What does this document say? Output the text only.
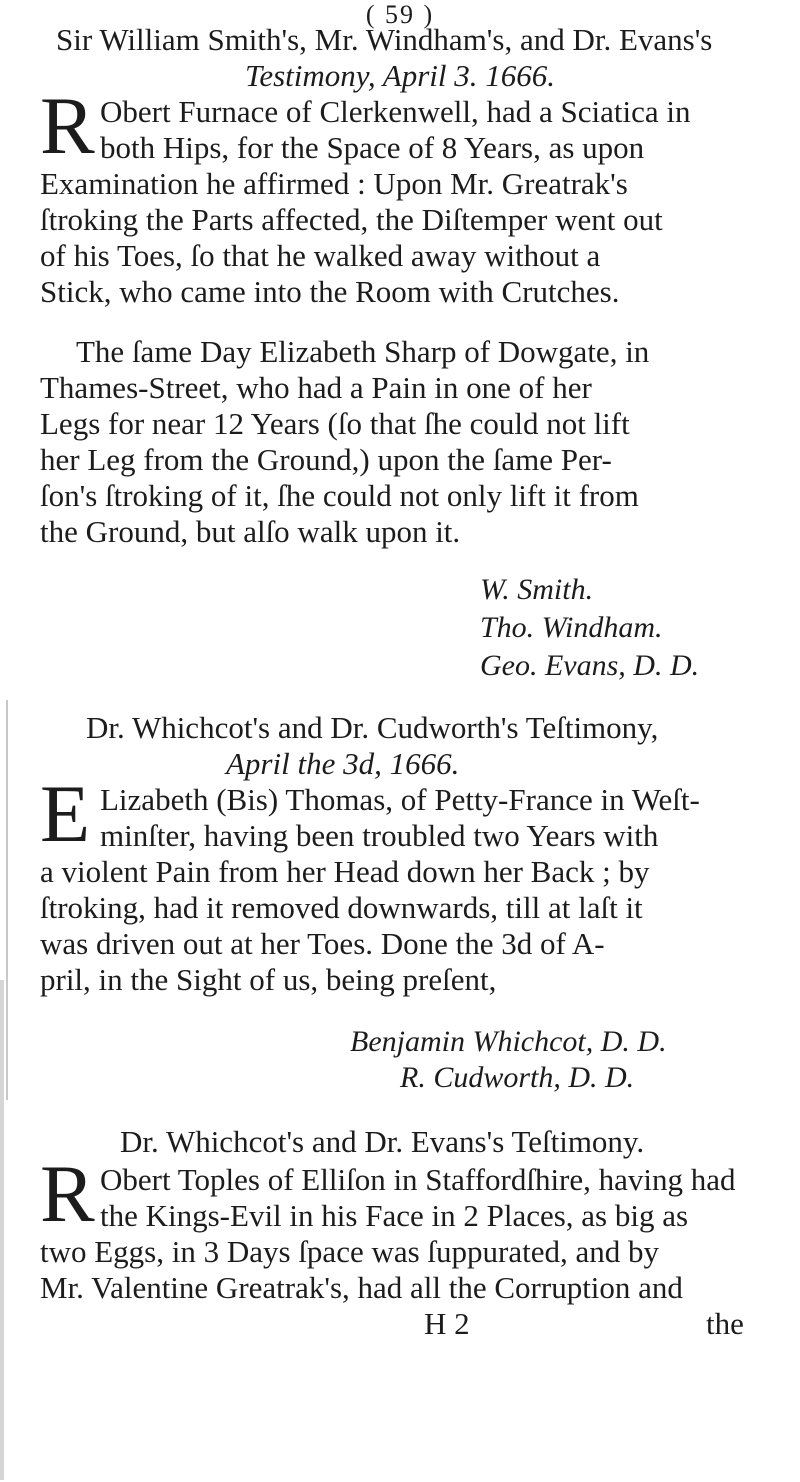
( 59 )
Sir William Smith's, Mr. Windham's, and Dr. Evans's
Testimony, April 3. 1666.
R Obert Furnace of Clerkenwell, had a Sciatica in
both Hips, for the Space of 8 Years, as upon
Examination he affirmed : Upon Mr. Greatrak's
ſtroking the Parts affected, the Diſtemper went out
of his Toes, ſo that he walked away without a
Stick, who came into the Room with Crutches.
The ſame Day Elizabeth Sharp of Dowgate, in
Thames-Street, who had a Pain in one of her
Legs for near 12 Years (ſo that ſhe could not lift
her Leg from the Ground,) upon the ſame Per-
ſon's ſtroking of it, ſhe could not only lift it from
the Ground, but alſo walk upon it.
W. Smith.
Tho. Windham.
Geo. Evans, D. D.
Dr. Whichcot's and Dr. Cudworth's Teſtimony,
April the 3d, 1666.
E Lizabeth (Bis) Thomas, of Petty-France in Weſt-
minſter, having been troubled two Years with
a violent Pain from her Head down her Back ; by
ſtroking, had it removed downwards, till at laſt it
was driven out at her Toes. Done the 3d of A-
pril, in the Sight of us, being preſent,
Benjamin Whichcot, D. D.
R. Cudworth, D. D.
Dr. Whichcot's and Dr. Evans's Teſtimony.
R Obert Toples of Elliſon in Staffordſhire, having had
the Kings-Evil in his Face in 2 Places, as big as
two Eggs, in 3 Days ſpace was ſuppurated, and by
Mr. Valentine Greatrak's, had all the Corruption and
H 2	the
